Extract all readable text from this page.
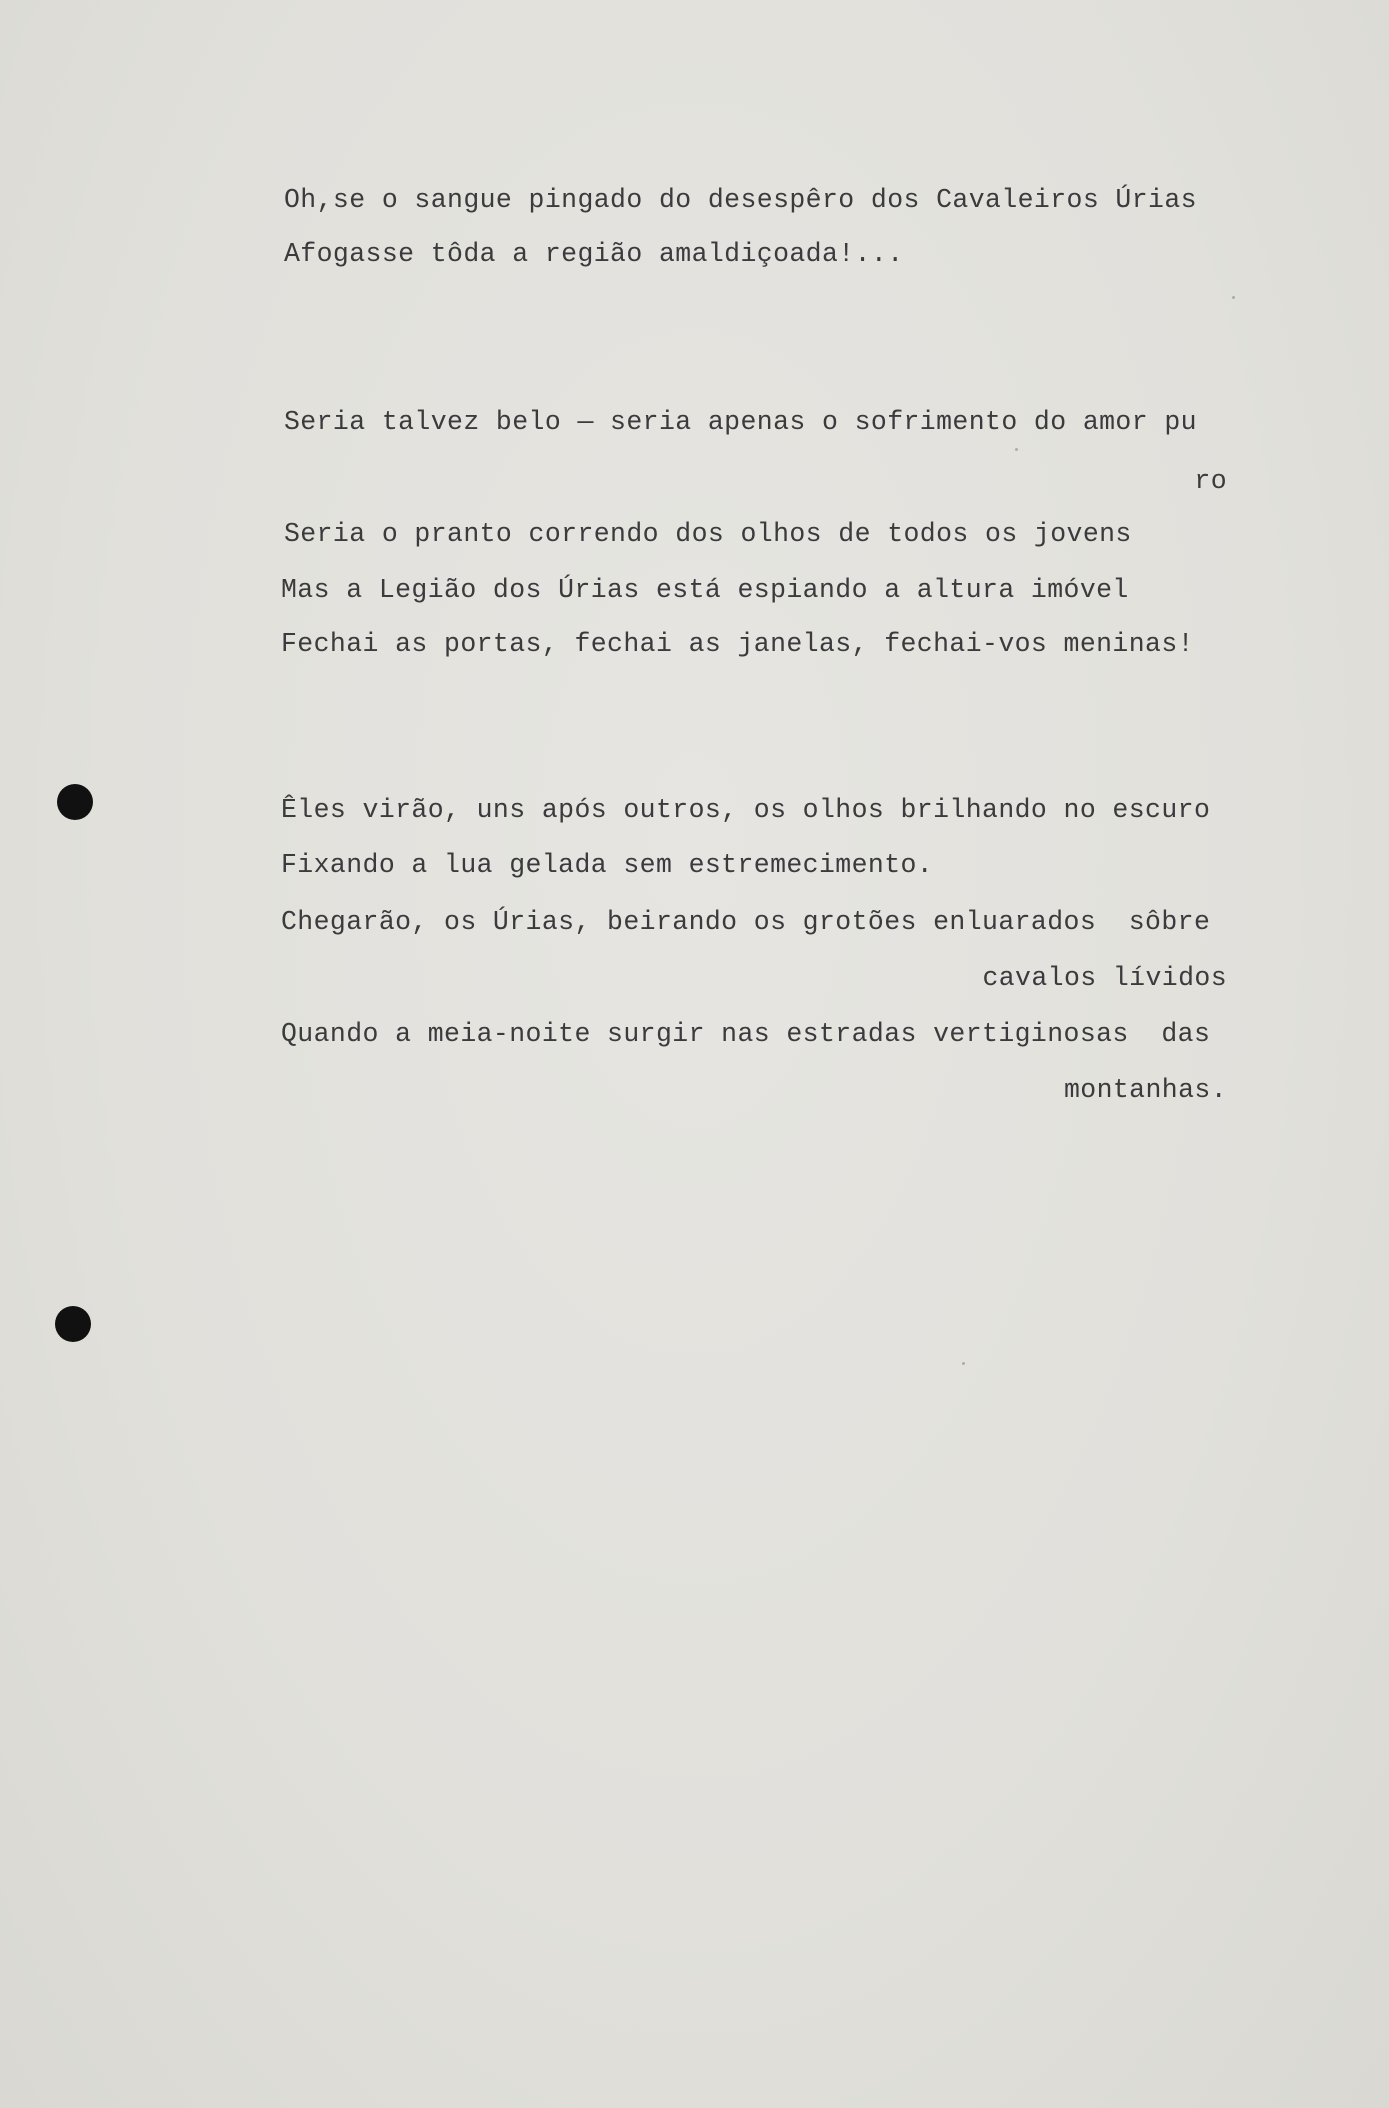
Oh,se o sangue pingado do desespêro dos Cavaleiros Úrias
Afogasse tôda a região amaldiçoada!...
Seria talvez belo — seria apenas o sofrimento do amor pu
ro
Seria o pranto correndo dos olhos de todos os jovens
Mas a Legião dos Úrias está espiando a altura imóvel
Fechai as portas, fechai as janelas, fechai-vos meninas!
Êles virão, uns após outros, os olhos brilhando no escuro
Fixando a lua gelada sem estremecimento.
Chegarão, os Úrias, beirando os grotões enluarados  sôbre
cavalos lívidos
Quando a meia-noite surgir nas estradas vertiginosas  das
montanhas.
